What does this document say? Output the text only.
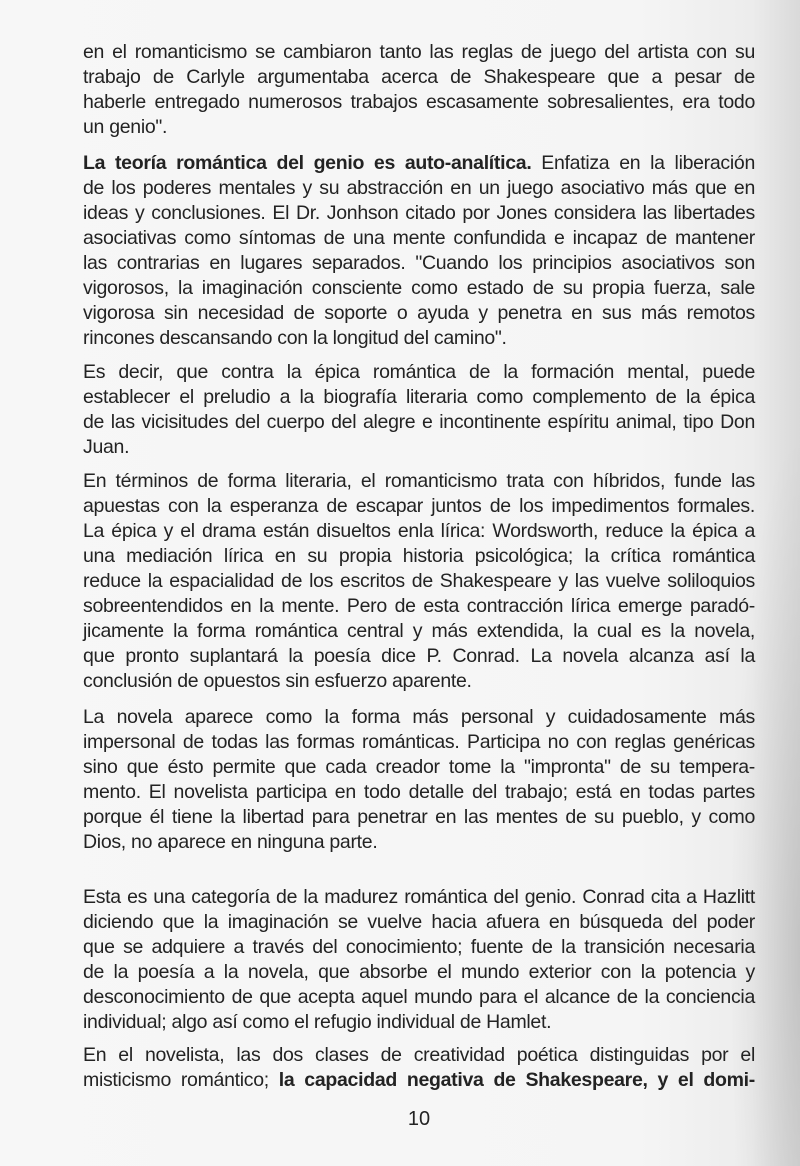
en el romanticismo se cambiaron tanto las reglas de juego del artista con su
trabajo de Carlyle argumentaba acerca de Shakespeare que a pesar de
haberle entregado numerosos trabajos escasamente sobresalientes, era todo
un genio".

La teoría romántica del genio es auto-analítica. Enfatiza en la liberación
de los poderes mentales y su abstracción en un juego asociativo más que en
ideas y conclusiones. El Dr. Jonhson citado por Jones considera las libertades
asociativas como síntomas de una mente confundida e incapaz de mantener
las contrarias en lugares separados. "Cuando los principios asociativos son
vigorosos, la imaginación consciente como estado de su propia fuerza, sale
vigorosa sin necesidad de soporte o ayuda y penetra en sus más remotos
rincones descansando con la longitud del camino".

Es decir, que contra la épica romántica de la formación mental, puede
establecer el preludio a la biografía literaria como complemento de la épica
de las vicisitudes del cuerpo del alegre e incontinente espíritu animal, tipo Don
Juan.

En términos de forma literaria, el romanticismo trata con híbridos, funde las
apuestas con la esperanza de escapar juntos de los impedimentos formales.
La épica y el drama están disueltos enla lírica: Wordsworth, reduce la épica a
una mediación lírica en su propia historia psicológica; la crítica romántica
reduce la espacialidad de los escritos de Shakespeare y las vuelve soliloquios
sobreentendidos en la mente. Pero de esta contracción lírica emerge paradó-
jicamente la forma romántica central y más extendida, la cual es la novela,
que pronto suplantará la poesía dice P. Conrad. La novela alcanza así la
conclusión de opuestos sin esfuerzo aparente.

La novela aparece como la forma más personal y cuidadosamente más
impersonal de todas las formas románticas. Participa no con reglas genéricas
sino que ésto permite que cada creador tome la "impronta" de su tempera-
mento. El novelista participa en todo detalle del trabajo; está en todas partes
porque él tiene la libertad para penetrar en las mentes de su pueblo, y como
Dios, no aparece en ninguna parte.

Esta es una categoría de la madurez romántica del genio. Conrad cita a Hazlitt
diciendo que la imaginación se vuelve hacia afuera en búsqueda del poder
que se adquiere a través del conocimiento; fuente de la transición necesaria
de la poesía a la novela, que absorbe el mundo exterior con la potencia y
desconocimiento de que acepta aquel mundo para el alcance de la conciencia
individual; algo así como el refugio individual de Hamlet.

En el novelista, las dos clases de creatividad poética distinguidas por el
misticismo romántico; la capacidad negativa de Shakespeare, y el domi-

10
